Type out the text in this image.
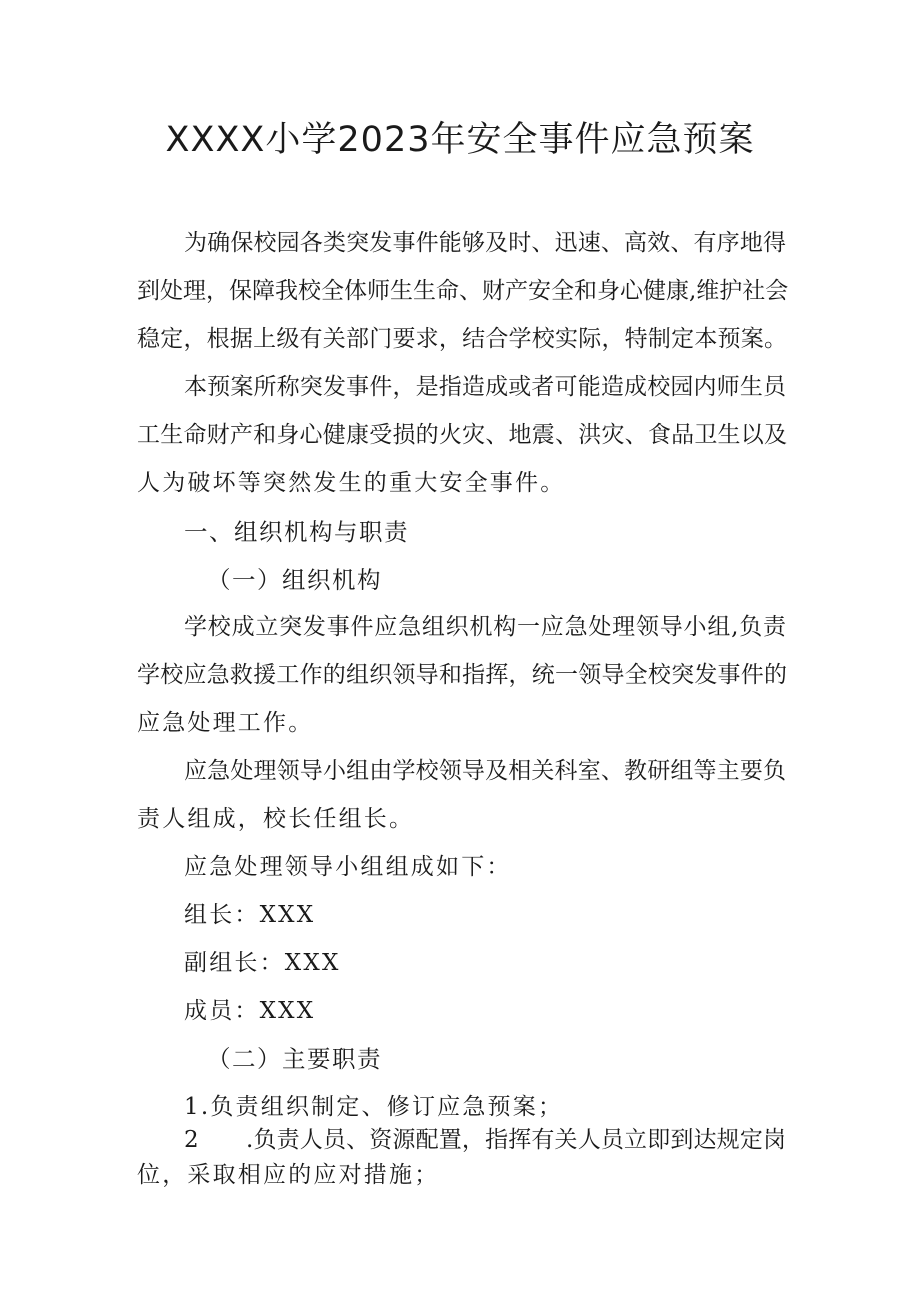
XXXX小学2023年安全事件应急预案
为确保校园各类突发事件能够及时、迅速、高效、有序地得
到处理，保障我校全体师生生命、财产安全和身心健康,维护社会
稳定，根据上级有关部门要求，结合学校实际，特制定本预案。
本预案所称突发事件，是指造成或者可能造成校园内师生员
工生命财产和身心健康受损的火灾、地震、洪灾、食品卫生以及
人为破坏等突然发生的重大安全事件。
一、组织机构与职责
（一）组织机构
学校成立突发事件应急组织机构一应急处理领导小组,负责
学校应急救援工作的组织领导和指挥，统一领导全校突发事件的
应急处理工作。
应急处理领导小组由学校领导及相关科室、教研组等主要负
责人组成，校长任组长。
应急处理领导小组组成如下：
组长：XXX
副组长：XXX
成员：XXX
（二）主要职责
1.负责组织制定、修订应急预案；
2 .负责人员、资源配置，指挥有关人员立即到达规定岗
位，采取相应的应对措施；
